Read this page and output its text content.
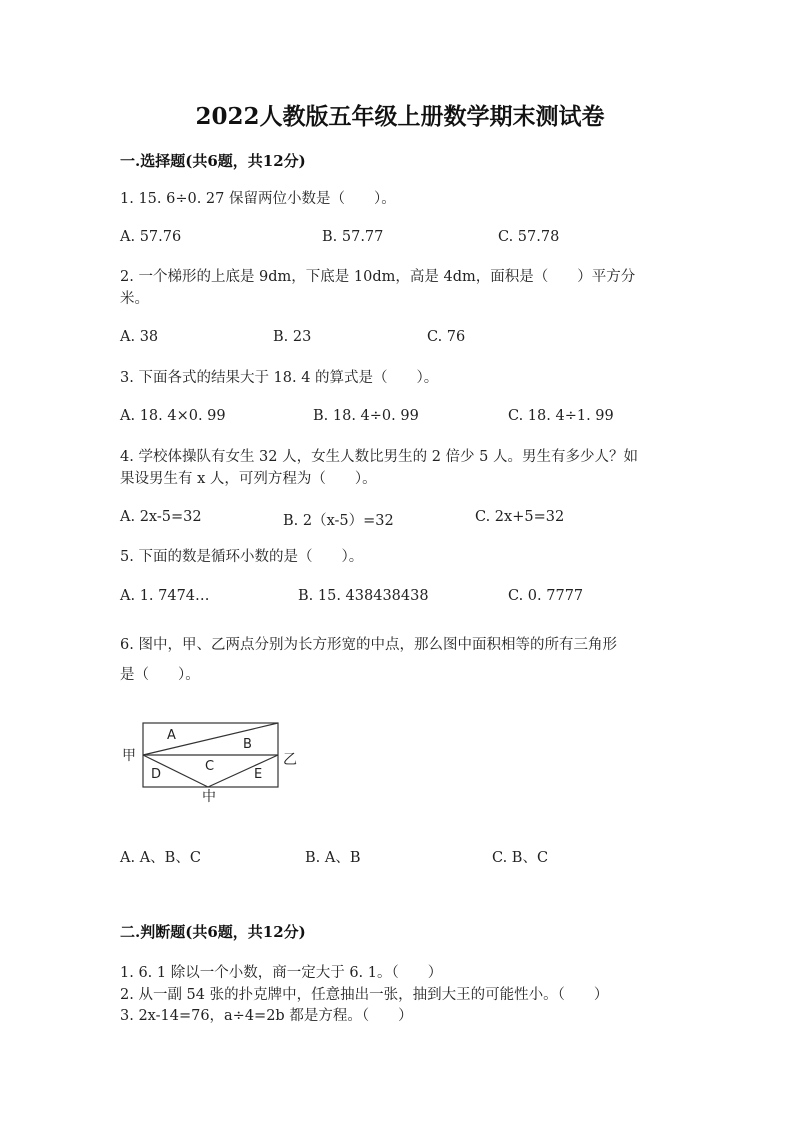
2022人教版五年级上册数学期末测试卷
一.选择题(共6题，共12分)
1. 15. 6÷0. 27 保留两位小数是（　　）。
A. 57.76	B. 57.77	C. 57.78
2. 一个梯形的上底是 9dm，下底是 10dm，高是 4dm，面积是（　　）平方分
米。
A. 38	B. 23	C. 76
3. 下面各式的结果大于 18. 4 的算式是（　　）。
A. 18. 4×0. 99	B. 18. 4÷0. 99	C. 18. 4÷1. 99
4. 学校体操队有女生 32 人，女生人数比男生的 2 倍少 5 人。男生有多少人？如
果设男生有 x 人，可列方程为（　　）。
A. 2x-5=32	B. 2（x-5）=32	C. 2x+5=32
5. 下面的数是循环小数的是（　　）。
A. 1. 7474…	B. 15. 438438438	C. 0. 7777
6. 图中，甲、乙两点分别为长方形宽的中点，那么图中面积相等的所有三角形
是（　　）。
A
B
C
D	E
甲	乙
中
A. A、B、C	B. A、B	C. B、C
二.判断题(共6题，共12分)
1. 6. 1 除以一个小数，商一定大于 6. 1。（　　）
2. 从一副 54 张的扑克牌中，任意抽出一张，抽到大王的可能性小。（　　）
3. 2x-14=76，a÷4=2b 都是方程。（　　）
